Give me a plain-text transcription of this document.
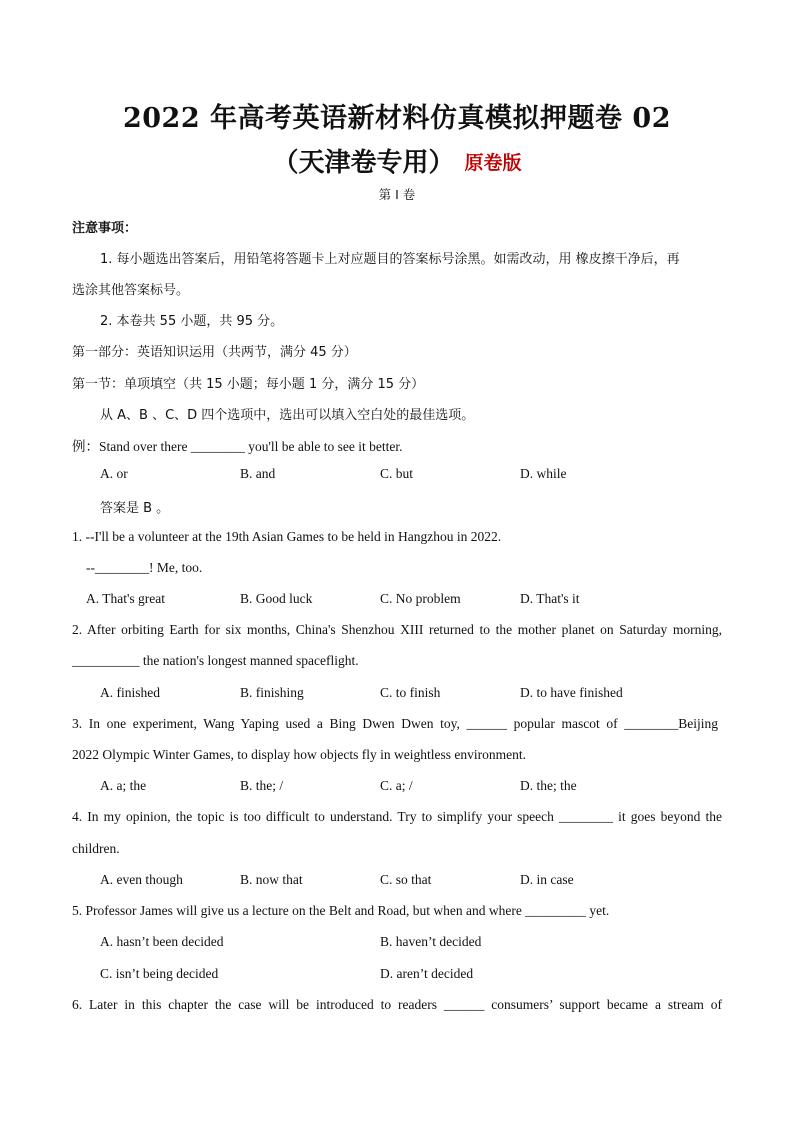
2022 年高考英语新材料仿真模拟押题卷 02
（天津卷专用） 原卷版
第 I 卷
注意事项：
1. 每小题选出答案后，用铅笔将答题卡上对应题目的答案标号涂黑。如需改动，用 橡皮擦干净后，再
选涂其他答案标号。
2. 本卷共 55 小题，共 95 分。
第一部分：英语知识运用（共两节，满分 45 分）
第一节：单项填空（共 15 小题；每小题 1 分，满分 15 分）
从 A、B 、C、D 四个选项中，选出可以填入空白处的最佳选项。
例：Stand over there ________ you'll be able to see it better.
A. or	B. and	C. but	D. while
答案是 B 。
1. --I'll be a volunteer at the 19th Asian Games to be held in Hangzhou in 2022.
--________! Me, too.
A. That's great	B. Good luck	C. No problem	D. That's it
2. After orbiting Earth for six months, China's Shenzhou XIII returned to the mother planet on Saturday morning,
__________ the nation's longest manned spaceflight.
A. finished	B. finishing	C. to finish	D. to have finished
3. In one experiment, Wang Yaping used a Bing Dwen Dwen toy, ______ popular mascot of ________Beijing
2022 Olympic Winter Games, to display how objects fly in weightless environment.
A. a; the	B. the; /	C. a; /	D. the; the
4. In my opinion, the topic is too difficult to understand. Try to simplify your speech ________ it goes beyond the
children.
A. even though	B. now that	C. so that	D. in case
5. Professor James will give us a lecture on the Belt and Road, but when and where _________ yet.
A. hasn’t been decided	B. haven’t decided
C. isn’t being decided	D. aren’t decided
6. Later in this chapter the case will be introduced to readers ______ consumers’ support became a stream of
